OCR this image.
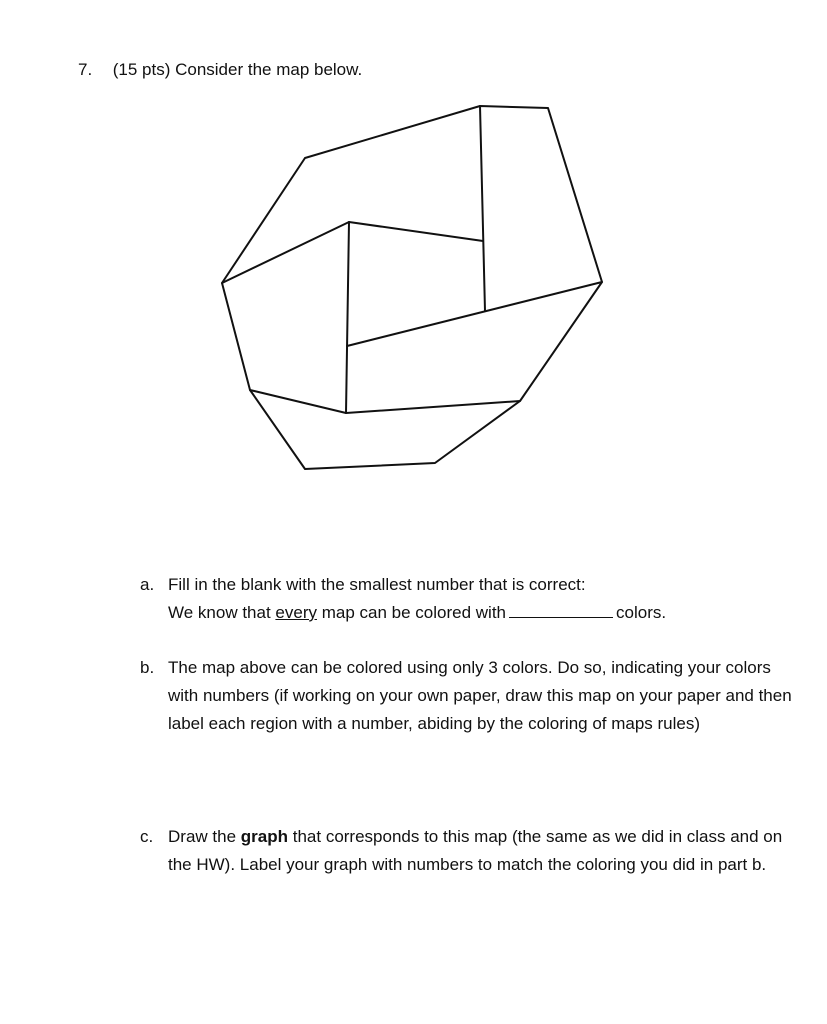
7. (15 pts) Consider the map below.
a. Fill in the blank with the smallest number that is correct:
We know that every map can be colored with	colors.
b. The map above can be colored using only 3 colors. Do so, indicating your colors with numbers (if working on your own paper, draw this map on your paper and then label each region with a number, abiding by the coloring of maps rules)
c. Draw the graph that corresponds to this map (the same as we did in class and on the HW). Label your graph with numbers to match the coloring you did in part b.
